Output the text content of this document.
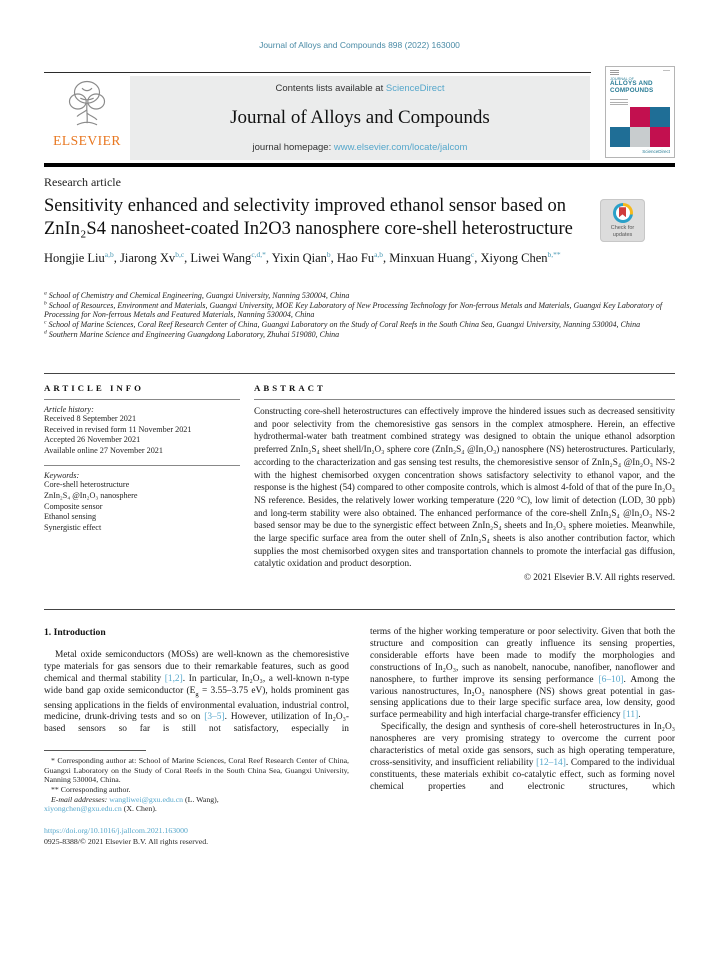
Journal of Alloys and Compounds 898 (2022) 163000
ELSEVIER
Contents lists available at ScienceDirect
Journal of Alloys and Compounds
journal homepage: www.elsevier.com/locate/jalcom
JOURNAL OF
ALLOYS AND
COMPOUNDS
ScienceDirect
Research article
Sensitivity enhanced and selectivity improved ethanol sensor based on ZnIn₂S4 nanosheet-coated In2O3 nanosphere core-shell heterostructure	Check for
updates
Hongjie Liu$^{a,b}$, Jiarong Xv$^{b,c}$, Liwei Wang$^{c,d,*}$, Yixin Qian$^b$, Hao Fu$^{a,b}$, Minxuan Huang$^c$, Xiyong Chen$^{b,**}$
$^a$ School of Chemistry and Chemical Engineering, Guangxi University, Nanning 530004, China
$^b$ School of Resources, Environment and Materials, Guangxi University, MOE Key Laboratory of New Processing Technology for Non-ferrous Metals and Materials, Guangxi Key Laboratory of Processing for Non-ferrous Metals and Featured Materials, Nanning 530004, China
$^c$ School of Marine Sciences, Coral Reef Research Center of China, Guangxi Laboratory on the Study of Coral Reefs in the South China Sea, Guangxi University, Nanning 530004, China
$^d$ Southern Marine Science and Engineering Guangdong Laboratory, Zhuhai 519080, China
ARTICLE INFO
Article history:
Received 8 September 2021
Received in revised form 11 November 2021
Accepted 26 November 2021
Available online 27 November 2021
Keywords:
Core-shell heterostructure
ZnIn₂S₄ @In₂O₃ nanosphere
Composite sensor
Ethanol sensing
Synergistic effect
ABSTRACT
Constructing core-shell heterostructures can effectively improve the hindered issues such as decreased sensitivity and poor selectivity from the chemoresistive gas sensors in the complex atmosphere. Herein, an effective hydrothermal-water bath treatment combined strategy was designed to obtain the unique ethanol adsorption preferred ZnIn₂S₄ sheet shell/In₂O₃ sphere core (ZnIn₂S₄ @In₂O₃) nanosphere (NS) heterostructures. Particularly, according to the characterization and gas sensing test results, the chemoresistive sensor of ZnIn₂S₄ @In₂O₃ NS-2 with the highest chemisorbed oxygen concentration shows satisfactory selectivity to ethanol vapor, and the response is the highest (54) compared to other composite controls, which is almost 4-fold of that of the pure In₂O₃ NS reference. Besides, the relatively lower working temperature (220 °C), low limit of detection (LOD, 30 ppb) and long-term stability were also obtained. The enhanced performance of the core-shell ZnIn₂S₄ @In₂O₃ NS-2 based sensor may be due to the synergistic effect between ZnIn₂S₄ sheets and In₂O₃ sphere moieties. Meanwhile, the large specific surface area from the outer shell of ZnIn₂S₄ sheets is also another contribution factor, which supplies the most chemisorbed oxygen sites and transportation channels to promote the interfacial gas diffusion, catalytic oxidation and product desorption.
© 2021 Elsevier B.V. All rights reserved.
1. Introduction

Metal oxide semiconductors (MOSs) are well-known as the chemoresistive type materials for gas sensors due to their remarkable features, such as good chemical and thermal stability [1,2]. In particular, In₂O₃, a well-known n-type wide band gap oxide semiconductor ($E_g = 3.55-3.75$ eV), holds prominent gas sensing applications in the fields of environmental evaluation, industrial control, medicine, drunk-driving tests and so on [3–5]. However, utilization of In₂O₃-based sensors so far is still not satisfactory, especially in

* Corresponding author at: School of Marine Sciences, Coral Reef Research Center of China, Guangxi Laboratory on the Study of Coral Reefs in the South China Sea, Guangxi University, Nanning 530004, China.

** Corresponding author.

E-mail addresses: wangliwei@gxu.edu.cn (L. Wang),

xiyongchen@gxu.edu.cn (X. Chen).

https://doi.org/10.1016/j.jallcom.2021.163000
0925-8388/© 2021 Elsevier B.V. All rights reserved.

terms of the higher working temperature or poor selectivity. Given that both the structure and composition can greatly influence its sensing properties, considerable efforts have been made to modify the morphologies and constructions of In₂O₃, such as nanobelt, nanocube, nanofiber, nanoflower and nanosphere, to further improve its sensing performance [6–10]. Among the various nanostructures, In₂O₃ nanosphere (NS) shows great potential in gas-sensing applications due to their large specific surface area, low density, good surface permeability and high interfacial charge-transfer efficiency [11].

Specifically, the design and synthesis of core-shell heterostructures in In₂O₃ nanospheres are very promising strategy to overcome the current poor characteristics of metal oxide gas sensors, such as high operating temperature, cross-sensitivity, and insufficient reliability [12–14]. Compared to the individual constituents, these materials exhibit co-catalytic effect, such as forming novel chemical properties and electronic structures, which
